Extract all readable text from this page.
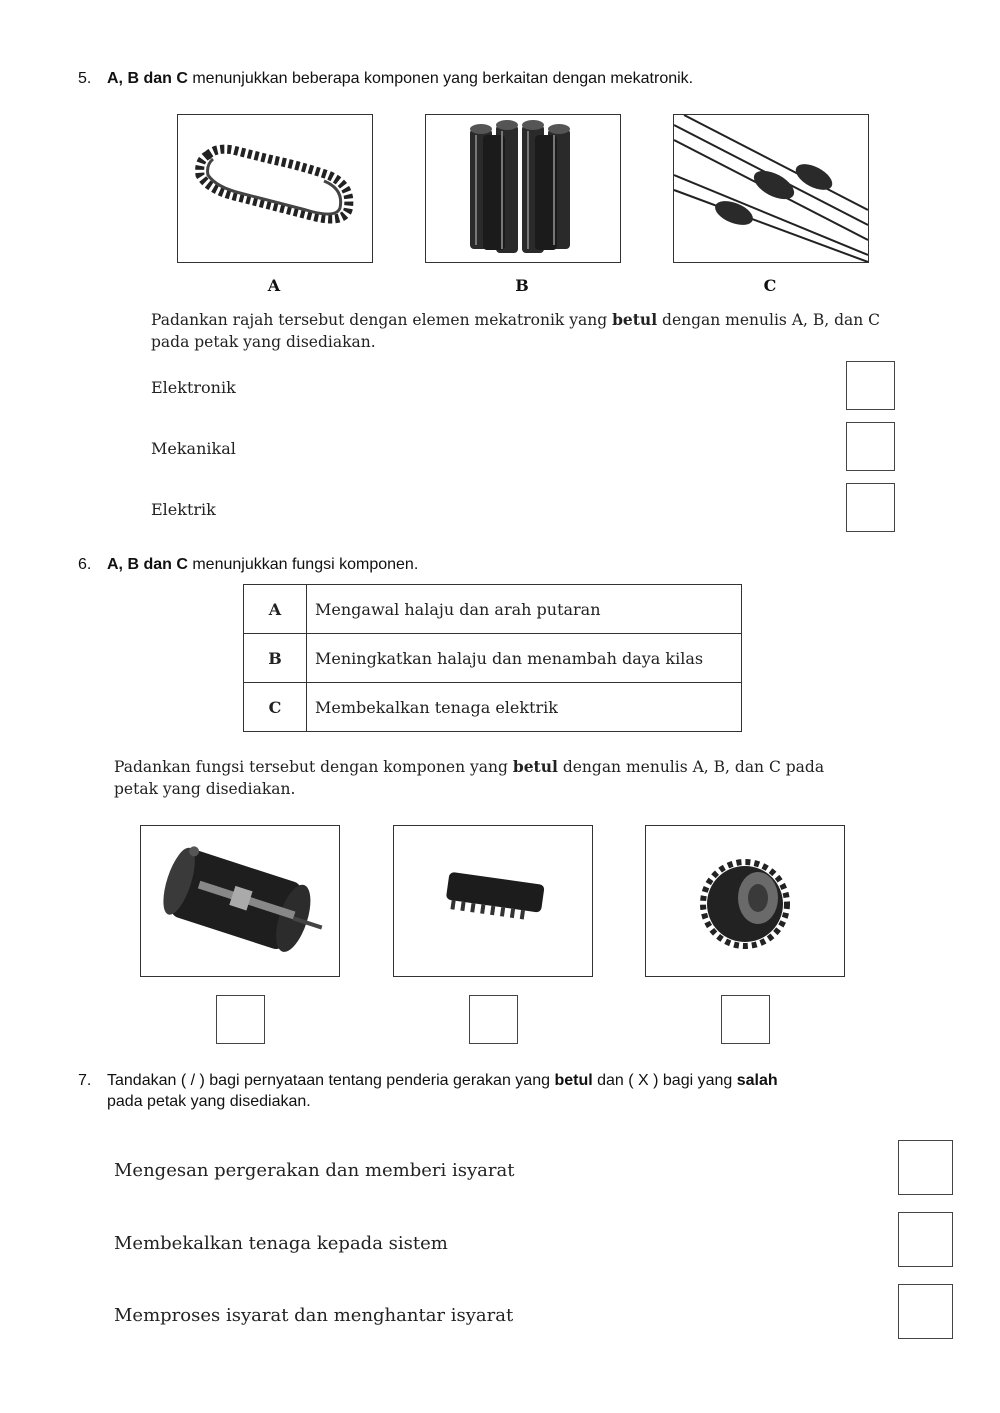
5. A, B dan C menunjukkan beberapa komponen yang berkaitan dengan mekatronik.
A	B	C
Padankan rajah tersebut dengan elemen mekatronik yang betul dengan menulis A, B, dan C
pada petak yang disediakan.
Elektronik
Mekanikal
Elektrik
6. A, B dan C menunjukkan fungsi komponen.
A	Mengawal halaju dan arah putaran
B	Meningkatkan halaju dan menambah daya kilas
C	Membekalkan tenaga elektrik
Padankan fungsi tersebut dengan komponen yang betul dengan menulis A, B, dan C pada
petak yang disediakan.
7. Tandakan ( / ) bagi pernyataan tentang penderia gerakan yang betul dan ( X ) bagi yang salah
pada petak yang disediakan.
Mengesan pergerakan dan memberi isyarat
Membekalkan tenaga kepada sistem
Memproses isyarat dan menghantar isyarat
